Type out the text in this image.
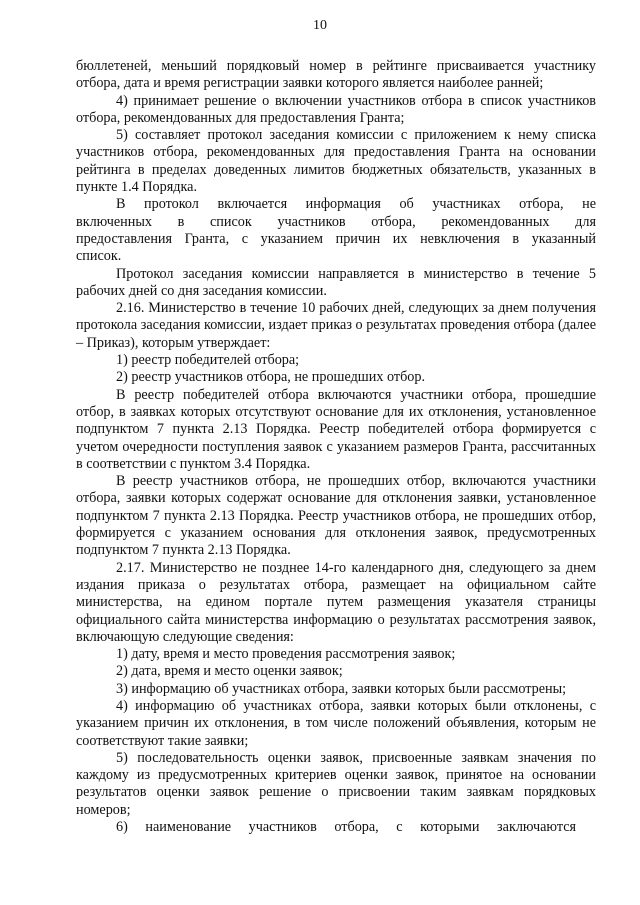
10

бюллетеней, меньший порядковый номер в рейтинге присваивается участнику отбора, дата и время регистрации заявки которого является наиболее ранней;

4) принимает решение о включении участников отбора в список участников отбора, рекомендованных для предоставления Гранта;

5) составляет протокол заседания комиссии с приложением к нему списка участников отбора, рекомендованных для предоставления Гранта на основании рейтинга в пределах доведенных лимитов бюджетных обязательств, указанных в пункте 1.4 Порядка.

В протокол включается информация об участниках отбора, не включенных в список участников отбора, рекомендованных для предоставления Гранта, с указанием причин их невключения в указанный список.

Протокол заседания комиссии направляется в министерство в течение 5 рабочих дней со дня заседания комиссии.

2.16. Министерство в течение 10 рабочих дней, следующих за днем получения протокола заседания комиссии, издает приказ о результатах проведения отбора (далее – Приказ), которым утверждает:

1) реестр победителей отбора;

2) реестр участников отбора, не прошедших отбор.

В реестр победителей отбора включаются участники отбора, прошедшие отбор, в заявках которых отсутствуют основание для их отклонения, установленное подпунктом 7 пункта 2.13 Порядка. Реестр победителей отбора формируется с учетом очередности поступления заявок с указанием размеров Гранта, рассчитанных в соответствии с пунктом 3.4 Порядка.

В реестр участников отбора, не прошедших отбор, включаются участники отбора, заявки которых содержат основание для отклонения заявки, установленное подпунктом 7 пункта 2.13 Порядка. Реестр участников отбора, не прошедших отбор, формируется с указанием основания для отклонения заявок, предусмотренных подпунктом 7 пункта 2.13 Порядка.

2.17. Министерство не позднее 14-го календарного дня, следующего за днем издания приказа о результатах отбора, размещает на официальном сайте министерства, на едином портале путем размещения указателя страницы официального сайта министерства информацию о результатах рассмотрения заявок, включающую следующие сведения:

1) дату, время и место проведения рассмотрения заявок;

2) дата, время и место оценки заявок;

3) информацию об участниках отбора, заявки которых были рассмотрены;

4) информацию об участниках отбора, заявки которых были отклонены, с указанием причин их отклонения, в том числе положений объявления, которым не соответствуют такие заявки;

5) последовательность оценки заявок, присвоенные заявкам значения по каждому из предусмотренных критериев оценки заявок, принятое на основании результатов оценки заявок решение о присвоении таким заявкам порядковых номеров;

6) наименование участников отбора, с которыми заключаются
